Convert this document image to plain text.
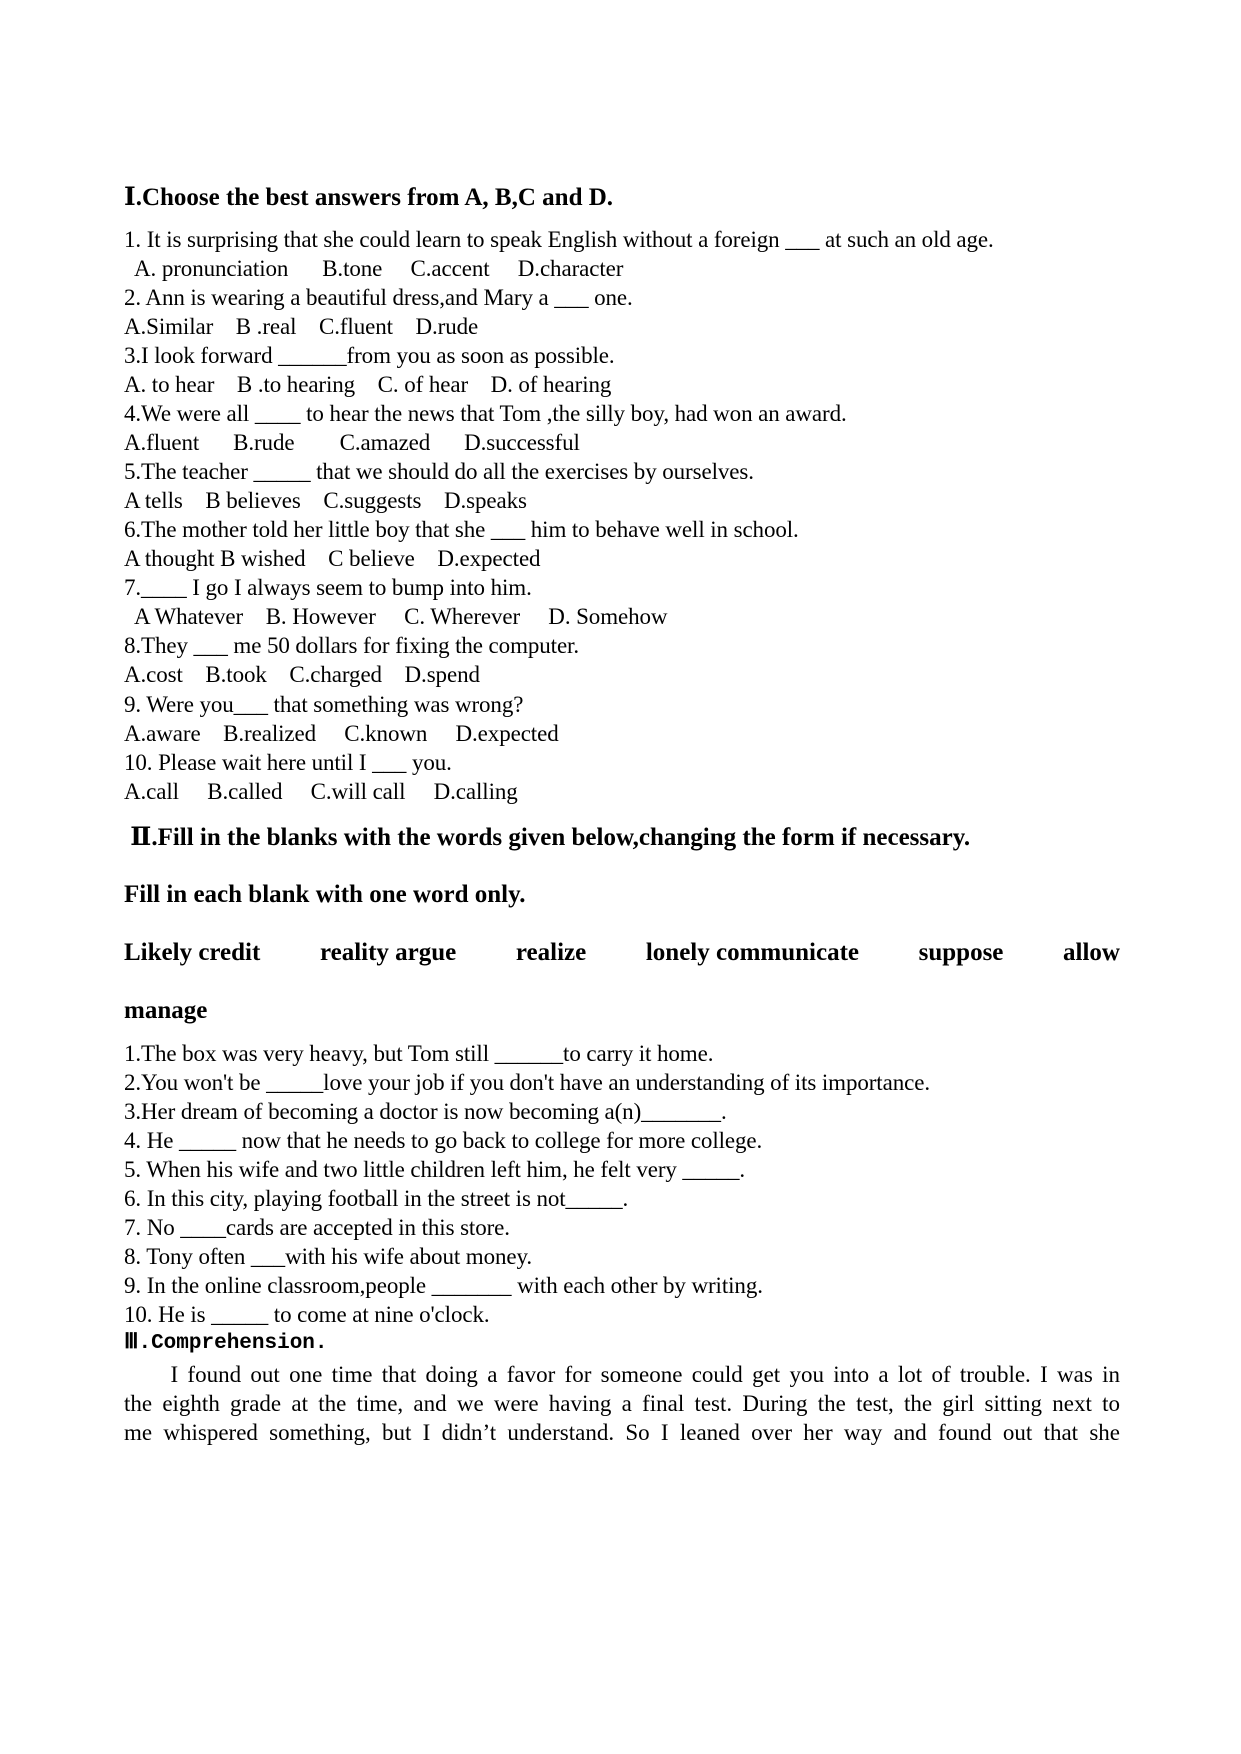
Ⅰ.Choose the best answers from A, B,C and D.
1. It is surprising that she could learn to speak English without a foreign ___ at such an old age.
A. pronunciation      B.tone     C.accent     D.character
2. Ann is wearing a beautiful dress,and Mary a ___ one.
A.Similar    B .real    C.fluent    D.rude
3.I look forward ______from you as soon as possible.
A. to hear    B .to hearing    C. of hear    D. of hearing
4.We were all ____ to hear the news that Tom ,the silly boy, had won an award.
A.fluent      B.rude        C.amazed      D.successful
5.The teacher _____ that we should do all the exercises by ourselves.
A tells    B believes    C.suggests    D.speaks
6.The mother told her little boy that she ___ him to behave well in school.
A thought B wished    C believe    D.expected
7.____ I go I always seem to bump into him.
A Whatever    B. However     C. Wherever     D. Somehow
8.They ___ me 50 dollars for fixing the computer.
A.cost    B.took    C.charged    D.spend
9. Were you___ that something was wrong?
A.aware    B.realized     C.known     D.expected
10. Please wait here until I ___ you.
A.call     B.called     C.will call     D.calling
Ⅱ.Fill in the blanks with the words given below,changing the form if necessary.
Fill in each blank with one word only.
Likely credit reality argue realize lonely communicate suppose allow
manage
1.The box was very heavy, but Tom still ______to carry it home.
2.You won't be _____love your job if you don't have an understanding of its importance.
3.Her dream of becoming a doctor is now becoming a(n)_______.
4. He _____ now that he needs to go back to college for more college.
5. When his wife and two little children left him, he felt very _____.
6. In this city, playing football in the street is not_____.
7. No ____cards are accepted in this store.
8. Tony often ___with his wife about money.
9. In the online classroom,people _______ with each other by writing.
10. He is _____ to come at nine o'clock.
Ⅲ.Comprehension.
I found out one time that doing a favor for someone could get you into a lot of trouble. I was in
the eighth grade at the time, and we were having a final test. During the test, the girl sitting next to
me whispered something, but I didn’t understand. So I leaned over her way and found out that she
